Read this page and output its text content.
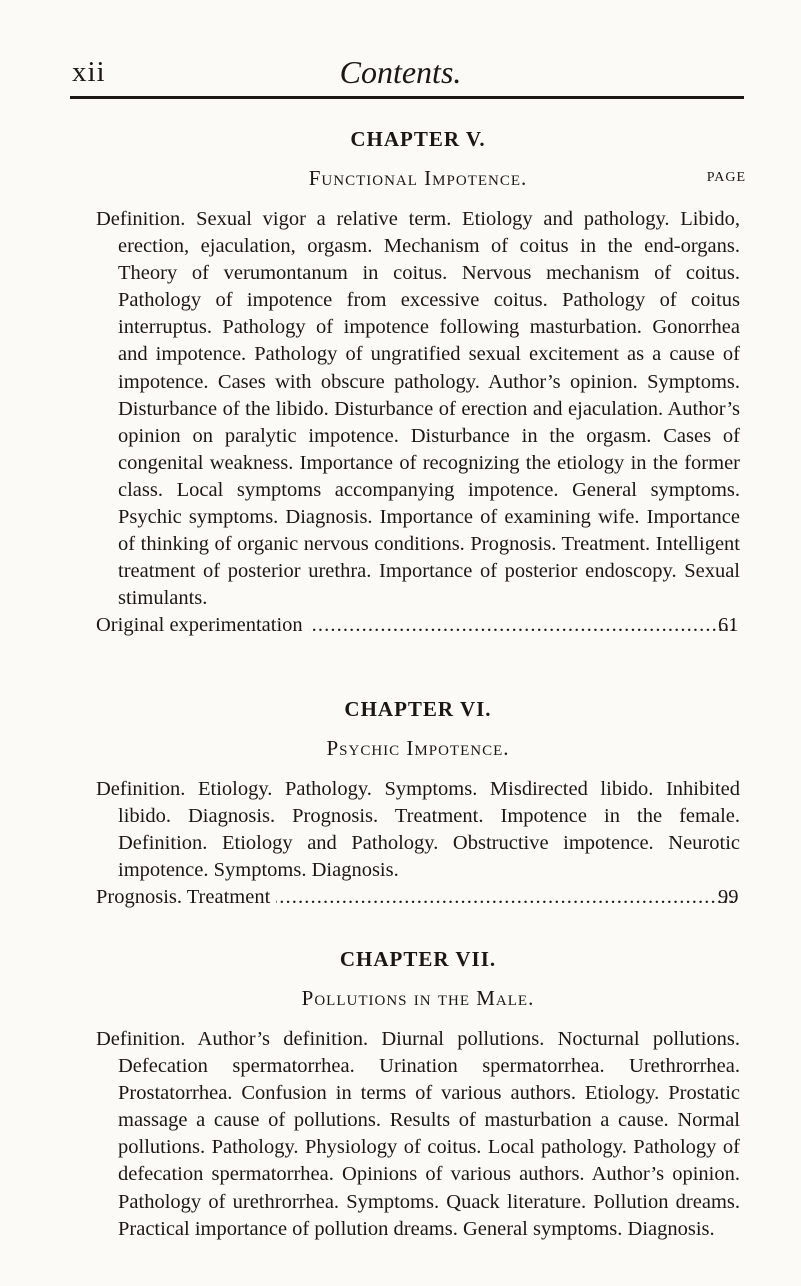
xii	Contents.
CHAPTER V.
Functional Impotence.	PAGE
Definition. Sexual vigor a relative term. Etiology and pathology. Libido, erection, ejaculation, orgasm. Mechanism of coitus in the end-organs. Theory of verumontanum in coitus. Nervous mechanism of coitus. Pathology of impotence from excessive coitus. Pathology of coitus interruptus. Pathology of impotence following masturbation. Gonorrhea and impotence. Pathology of ungratified sexual excitement as a cause of impotence. Cases with obscure pathology. Author’s opinion. Symptoms. Disturbance of the libido. Disturbance of erection and ejaculation. Author’s opinion on paralytic impotence. Disturbance in the orgasm. Cases of congenital weakness. Importance of recognizing the etiology in the former class. Local symptoms accompanying impotence. General symptoms. Psychic symptoms. Diagnosis. Importance of examining wife. Importance of thinking of organic nervous conditions. Prognosis. Treatment. Intelligent treatment of posterior urethra. Importance of posterior endoscopy. Sexual stimulants.
Original experimentation . . .	61
CHAPTER VI.
Psychic Impotence.
Definition. Etiology. Pathology. Symptoms. Misdirected libido. Inhibited libido. Diagnosis. Prognosis. Treatment. Impotence in the female. Definition. Etiology and Pathology. Obstructive impotence. Neurotic impotence. Symptoms. Diagnosis.
Prognosis. Treatment . . .	99
CHAPTER VII.
Pollutions in the Male.
Definition. Author’s definition. Diurnal pollutions. Nocturnal pollutions. Defecation spermatorrhea. Urination spermatorrhea. Urethrorrhea. Prostatorrhea. Confusion in terms of various authors. Etiology. Prostatic massage a cause of pollutions. Results of masturbation a cause. Normal pollutions. Pathology. Physiology of coitus. Local pathology. Pathology of defecation spermatorrhea. Opinions of various authors. Author’s opinion. Pathology of urethrorrhea. Symptoms. Quack literature. Pollution dreams. Practical importance of pollution dreams. General symptoms. Diagnosis.
